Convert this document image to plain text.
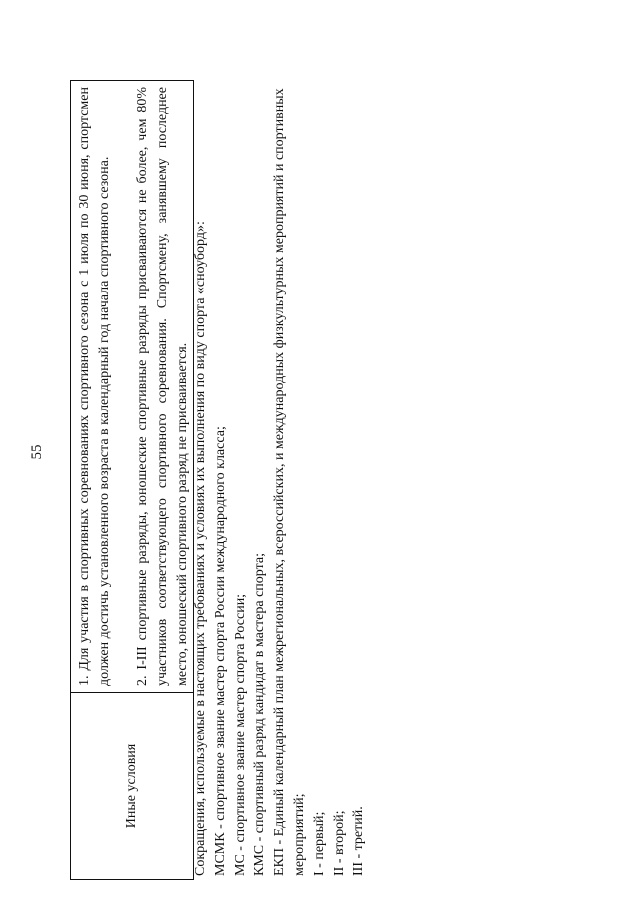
55
Иные условия	

1. Для участия в спортивных соревнованиях спортивного сезона с 1 июля по 30 июня, спортсмен должен достичь установленного возраста в календарный год начала спортивного сезона. 2. I-III спортивные разряды, юношеские спортивные разряды присваиваются не более, чем 80% участников соответствующего спортивного соревнования. Спортсмену, занявшему последнее место, юношеский спортивного разряд не присваивается. Сокращения, используемые в настоящих требованиях и условиях их выполнения по виду спорта «сноуборд»: МСМК - спортивное звание мастер спорта России международного класса; МС - спортивное звание мастер спорта России; КМС - спортивный разряд кандидат в мастера спорта; ЕКП - Единый календарный план межрегиональных, всероссийских, и международных физкультурных мероприятий и спортивных мероприятий; I - первый; II - второй; III - третий.
